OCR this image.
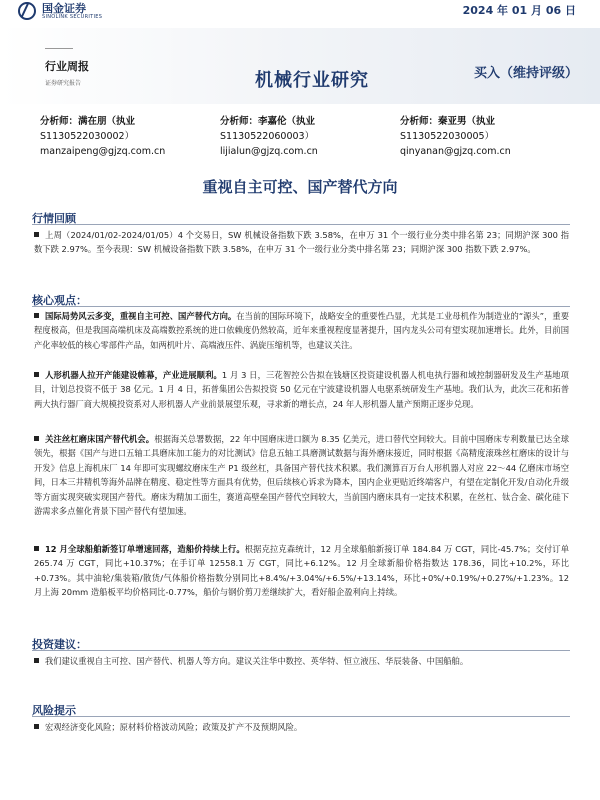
国金证券
SINOLINK SECURITIES	2024 年 01 月 06 日
行业周报
证券研究报告	机械行业研究	买入（维持评级）
分析师：满在朋（执业
S1130522030002）
manzaipeng@gjzq.com.cn
分析师：李嘉伦（执业
S1130522060003）
lijialun@gjzq.com.cn
分析师：秦亚男（执业
S1130522030005）
qinyanan@gjzq.com.cn
重视自主可控、国产替代方向
行情回顾
上周（2024/01/02-2024/01/05）4 个交易日，SW 机械设备指数下跌 3.58%，在申万 31 个一级行业分类中排名第 23；同期沪深 300 指数下跌 2.97%。至今表现：SW 机械设备指数下跌 3.58%，在申万 31 个一级行业分类中排名第 23；同期沪深 300 指数下跌 2.97%。
核心观点：
国际局势风云多变，重视自主可控、国产替代方向。在当前的国际环境下，战略安全的重要性凸显，尤其是工业母机作为制造业的“源头”，重要程度极高，但是我国高端机床及高端数控系统的进口依赖度仍然较高，近年来重视程度显著提升，国内龙头公司有望实现加速增长。此外，目前国产化率较低的核心零部件产品，如两机叶片、高端液压件、涡旋压缩机等，也建议关注。
人形机器人拉开产能建设帷幕，产业进展顺利。1 月 3 日，三花智控公告拟在钱塘区投资建设机器人机电执行器和域控制器研发及生产基地项目，计划总投资不低于 38 亿元。1 月 4 日，拓普集团公告拟投资 50 亿元在宁波建设机器人电驱系统研发生产基地。我们认为，此次三花和拓普两大执行器厂商大规模投资系对人形机器人产业前景展望乐观，寻求新的增长点，24 年人形机器人量产预期正逐步兑现。
关注丝杠磨床国产替代机会。根据海关总署数据，22 年中国磨床进口额为 8.35 亿美元，进口替代空间较大。目前中国磨床专利数量已达全球领先，根据《国产与进口五轴工具磨床加工能力的对比测试》信息五轴工具磨测试数据与海外磨床接近，同时根据《高精度滚珠丝杠磨床的设计与开发》信息上海机床厂 14 年即可实现螺纹磨床生产 P1 级丝杠，具备国产替代技术积累。我们测算百万台人形机器人对应 22～44 亿磨床市场空间，日本三井精机等海外品牌在精度、稳定性等方面具有优势，但后续核心诉求为降本，国内企业更贴近终端客户，有望在定制化开发/自动化升级等方面实现突破实现国产替代。磨床为精加工面生，赛道高壁垒国产替代空间较大，当前国内磨床具有一定技术积累，在丝杠、钛合金、碳化硅下游需求多点催化背景下国产替代有望加速。
12 月全球船舶新签订单增速回落，造船价持续上行。根据克拉克森统计，12 月全球船舶新接订单 184.84 万 CGT，同比-45.7%；交付订单 265.74 万 CGT，同比+10.37%；在手订单 12558.1 万 CGT，同比+6.12%。12 月全球新船价格指数达 178.36，同比+10.2%，环比+0.73%。其中油轮/集装箱/散货/气体船价格指数分别同比+8.4%/+3.04%/+6.5%/+13.14%，环比+0%/+0.19%/+0.27%/+1.23%。12 月上海 20mm 造船板平均价格同比-0.77%，船价与钢价剪刀差继续扩大，看好船企盈利向上持续。
投资建议：
我们建议重视自主可控、国产替代、机器人等方向。建议关注华中数控、英华特、恒立液压、华辰装备、中国船舶。
风险提示
宏观经济变化风险；原材料价格波动风险；政策及扩产不及预期风险。
